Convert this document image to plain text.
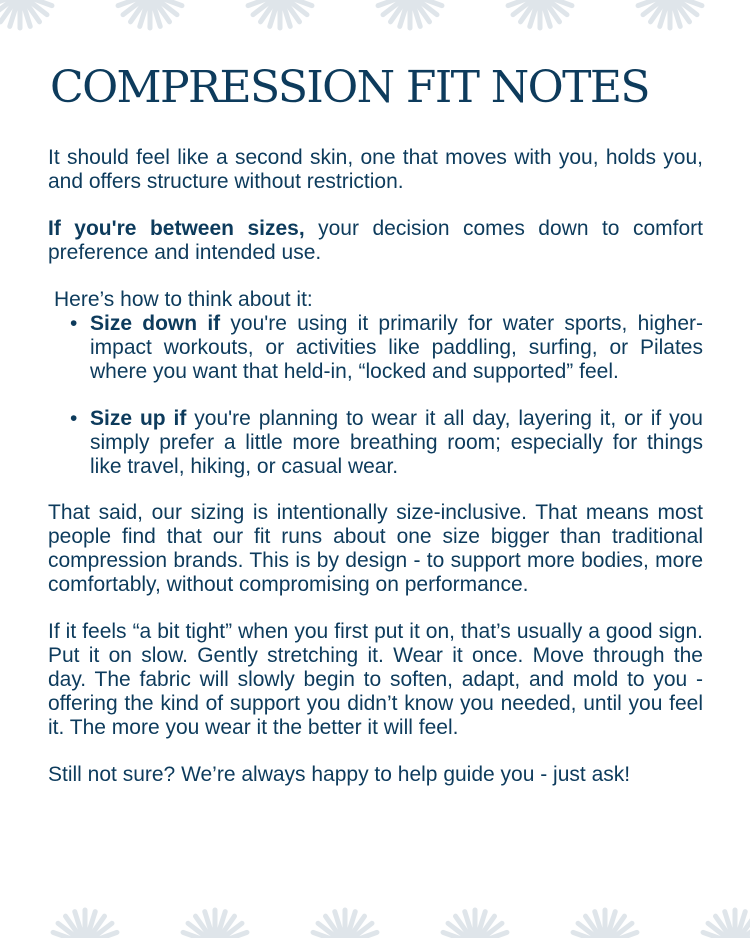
COMPRESSION FIT NOTES

It should feel like a second skin, one that moves with you, holds you, and offers structure without restriction.

If you're between sizes, your decision comes down to comfort preference and intended use.

Here’s how to think about it:

• Size down if you're using it primarily for water sports, higher-impact workouts, or activities like paddling, surfing, or Pilates where you want that held-in, “locked and supported” feel.
• Size up if you're planning to wear it all day, layering it, or if you simply prefer a little more breathing room; especially for things like travel, hiking, or casual wear.

That said, our sizing is intentionally size-inclusive. That means most people find that our fit runs about one size bigger than traditional compression brands. This is by design - to support more bodies, more comfortably, without compromising on performance.

If it feels “a bit tight” when you first put it on, that’s usually a good sign. Put it on slow. Gently stretching it. Wear it once. Move through the day. The fabric will slowly begin to soften, adapt, and mold to you - offering the kind of support you didn’t know you needed, until you feel it. The more you wear it the better it will feel.

Still not sure? We’re always happy to help guide you - just ask!
